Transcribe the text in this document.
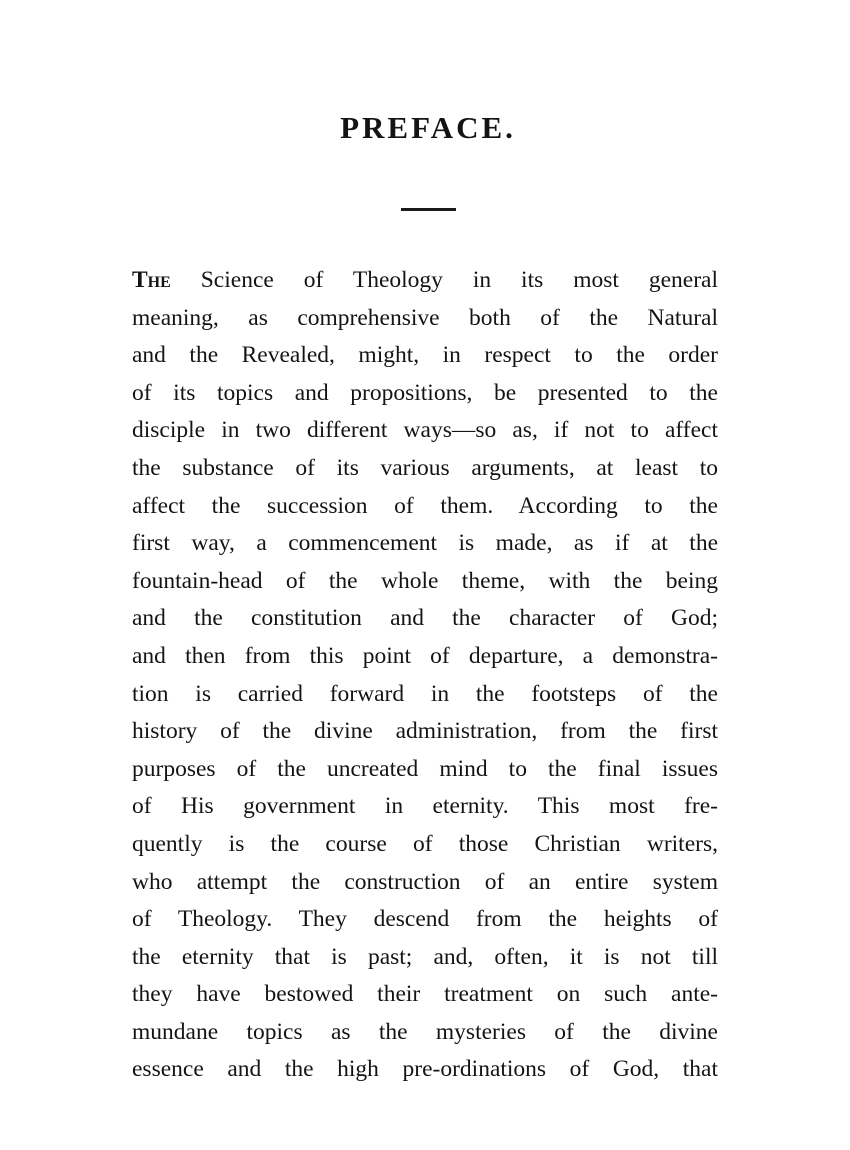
PREFACE.
The Science of Theology in its most general
meaning, as comprehensive both of the Natural
and the Revealed, might, in respect to the order
of its topics and propositions, be presented to the
disciple in two different ways—so as, if not to affect
the substance of its various arguments, at least to
affect the succession of them. According to the
first way, a commencement is made, as if at the
fountain-head of the whole theme, with the being
and the constitution and the character of God;
and then from this point of departure, a demonstra-
tion is carried forward in the footsteps of the
history of the divine administration, from the first
purposes of the uncreated mind to the final issues
of His government in eternity. This most fre-
quently is the course of those Christian writers,
who attempt the construction of an entire system
of Theology. They descend from the heights of
the eternity that is past; and, often, it is not till
they have bestowed their treatment on such ante-
mundane topics as the mysteries of the divine
essence and the high pre-ordinations of God, that
